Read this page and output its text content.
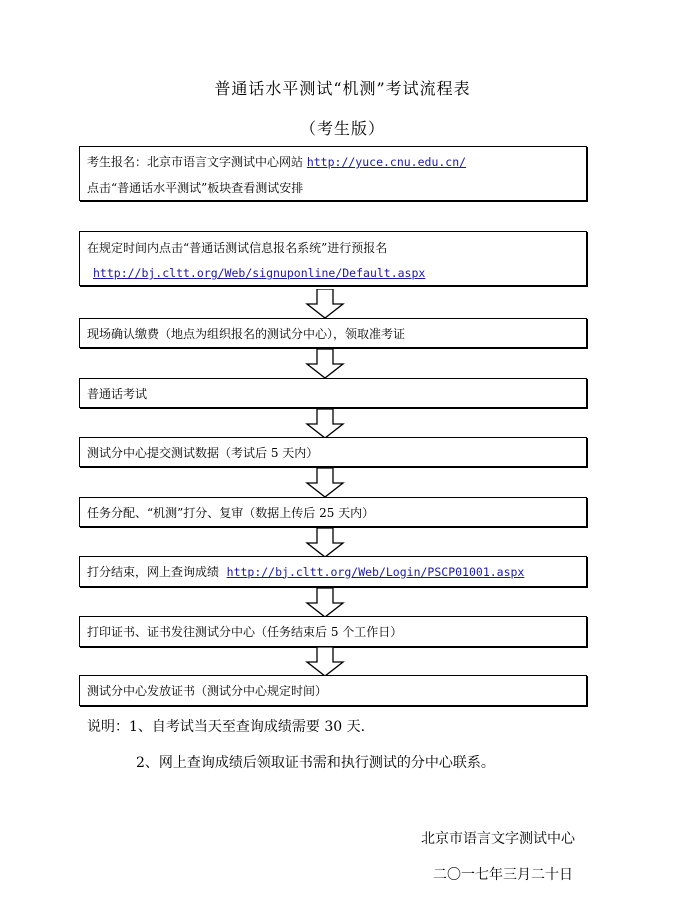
普通话水平测试“机测”考试流程表
（考生版）
考生报名：北京市语言文字测试中心网站 http://yuce.cnu.edu.cn/
点击“普通话水平测试”板块查看测试安排
在规定时间内点击“普通话测试信息报名系统”进行预报名
http://bj.cltt.org/Web/signuponline/Default.aspx
现场确认缴费（地点为组织报名的测试分中心），领取准考证
普通话考试
测试分中心提交测试数据（考试后 5 天内）
任务分配、“机测”打分、复审（数据上传后 25 天内）
打分结束，网上查询成绩 http://bj.cltt.org/Web/Login/PSCP01001.aspx
打印证书、证书发往测试分中心（任务结束后 5 个工作日）
测试分中心发放证书（测试分中心规定时间）
说明：1、自考试当天至查询成绩需要 30 天.
2、网上查询成绩后领取证书需和执行测试的分中心联系。
北京市语言文字测试中心
二〇一七年三月二十日
